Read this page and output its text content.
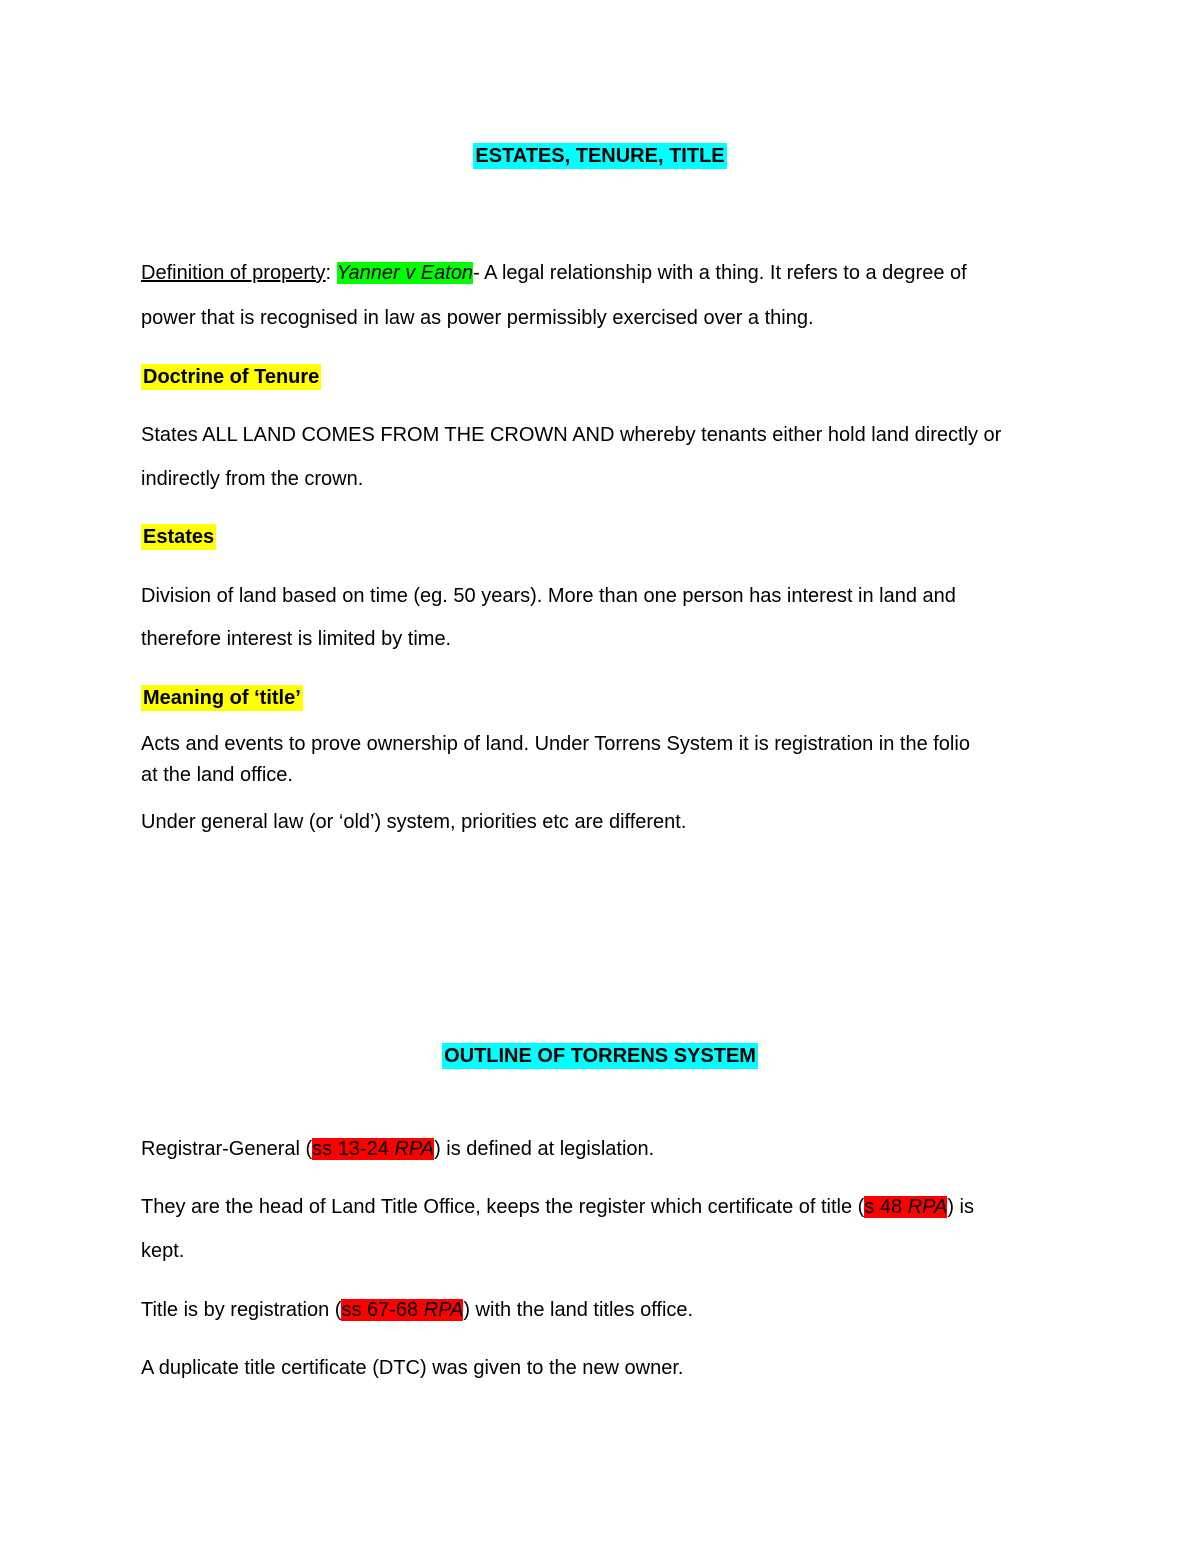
ESTATES, TENURE, TITLE
Definition of property: Yanner v Eaton- A legal relationship with a thing. It refers to a degree of
power that is recognised in law as power permissibly exercised over a thing.
Doctrine of Tenure
States ALL LAND COMES FROM THE CROWN AND whereby tenants either hold land directly or
indirectly from the crown.
Estates
Division of land based on time (eg. 50 years). More than one person has interest in land and
therefore interest is limited by time.
Meaning of ‘title’
Acts and events to prove ownership of land. Under Torrens System it is registration in the folio
at the land office.
Under general law (or ‘old’) system, priorities etc are different.
OUTLINE OF TORRENS SYSTEM
Registrar-General (ss 13-24 RPA) is defined at legislation.
They are the head of Land Title Office, keeps the register which certificate of title (s 48 RPA) is
kept.
Title is by registration (ss 67-68 RPA) with the land titles office.
A duplicate title certificate (DTC) was given to the new owner.
